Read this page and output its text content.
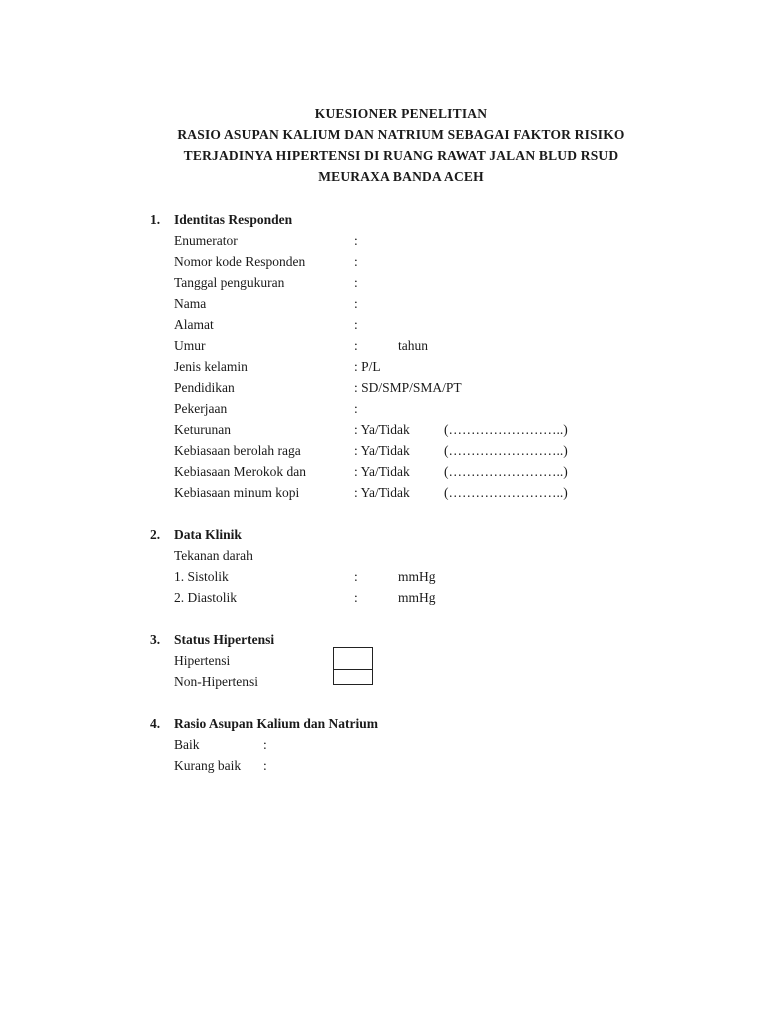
KUESIONER PENELITIAN
RASIO ASUPAN KALIUM DAN NATRIUM SEBAGAI FAKTOR RISIKO
TERJADINYA HIPERTENSI DI RUANG RAWAT JALAN BLUD RSUD
MEURAXA BANDA ACEH
1. Identitas Responden
Enumerator	:
Nomor kode Responden	:
Tanggal pengukuran	:
Nama	:
Alamat	:
Umur	:	tahun
Jenis kelamin	: P/L
Pendidikan	: SD/SMP/SMA/PT
Pekerjaan	:
Keturunan	: Ya/Tidak	(……………………..)
Kebiasaan berolah raga	: Ya/Tidak	(……………………..)
Kebiasaan Merokok dan	: Ya/Tidak	(……………………..)
Kebiasaan minum kopi	: Ya/Tidak	(……………………..)
2. Data Klinik
Tekanan darah
1. Sistolik	:	mmHg
2. Diastolik	:	mmHg
3. Status Hipertensi
Hipertensi
Non-Hipertensi
4. Rasio Asupan Kalium dan Natrium
Baik	:
Kurang baik :
